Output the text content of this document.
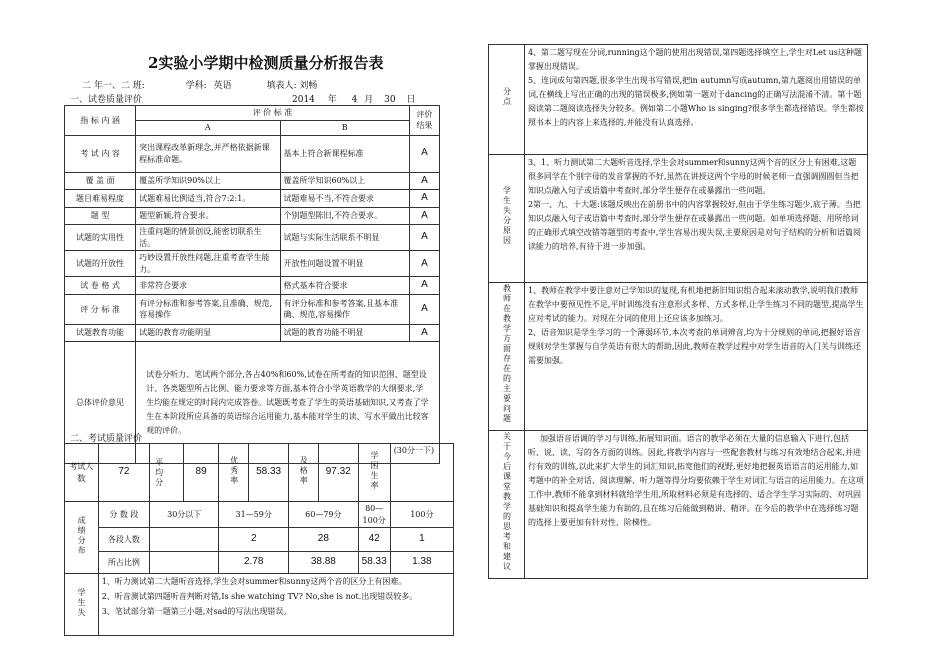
2实验小学期中检测质量分析报告表
二 年一、二 班:	学科: 英语	填表人: 刘畅
一、试卷质量评价	2014 年 4 月 30 日
指 标 内 涵	评 价 标 准		评价结果
	A	B	
考 试 内 容	突出课程改革新理念,并严格依据新课程标准命题。	基本上符合新课程标准	A
覆 盖 面	覆盖所学知识90%以上	覆盖所学知识60%以上	A
题目难易程度	试题难易比例适当,符合7:2:1。	试题难易不当,不符合要求	A
题 型	题型新颖,符合要求。	个别题型陈旧,不符合要求。	A
试题的实用性	注重问题的情景创设,能密切联系生活。	试题与实际生活联系不明显	A
试题的开放性	巧妙设置开放性问题,注重考查学生能力。	开放性问题设置不明显	A
试 卷 格 式	非常符合要求	格式基本符合要求	A
评 分 标 准	有评分标准和参考答案,且准确、规范,容易操作	有评分标准和参考答案,且基本准确、规范,容易操作	A
试题教育功能	试题的教育功能明显	试题的教育功能不明显	A
总体评价意见	试卷分听力、笔试两个部分,各占40%和60%,试卷在所考查的知识范围、题型设计、各类题型所占比例、能力要求等方面,基本符合小学英语教学的大纲要求,学生均能在规定的时间内完成答卷。试题既考查了学生的英语基础知识,又考查了学生在本阶段所应具备的英语综合运用能力,基本能对学生的读、写水平做出比较客观的评价。		
二、考试质量评价
考试人数	72	平均分	89	优秀率	58.33	及格率	97.32	学困生率	(30分一下)
成绩分布	分 数 段	30分以下		31—59分		60—79分		80—100分	100分
	各段人数			2		28		42	1
	所占比例			2.78		38.88		58.33	1.38
学生失	1、听力测试第二大题听音选择,学生会对summer和sunny这两个音的区分上有困难。
2、听音测试第四题听音判断对错,Is she watching TV? No,she is not.出现错误较多。
3、笔试部分第一题第三小题,对sad的写法出现错误。								
分点	4、第二题写现在分词,running这个题的使用出现错误,第四题选择填空上,学生对Let us这种题掌握出现错误。
5、连词成句第四题,很多学生出现书写错误,把in autumn写成autumn,第九题阅出用错误的单词,在横线上写出正确的出现的错误极多,例如第一题对于dancing的正确写法混淆不清。第十题阅读第二题阅读选择失分较多。例如第二小题Who is singing?很多学生都选择错误。学生都按照书本上的内容上来选择的,并能没有认真选择。

学生失分原因	3、1、听力测试第二大题听音选择,学生会对summer和sunny这两个音的区分上有困难,这题很多同学在个别字母的发音掌握的不好,虽然在讲授这两个字母的时候老师一直强调圆圆但当把知识点融入句子或语篇中考查时,部分学生便存在或暴露出一些问题。
2第一、九、十大题:该题反映出在前册书中的内容掌握较好,但由于学生练习题少,底子薄。当把知识点融入句子或语篇中考查时,部分学生便存在或暴露出一些问题。如单项选择题、用所给词的正确形式填空改错等题型的考查中,学生容易出现失误,主要原因是对句子结构的分析和语篇阅读能力的培养,有待于进一步加强。

教师在教学方面存在的主要问题	1、教师在教学中要注意对已学知识的复现,有机地把新旧知识组合起来滚动教学,说明我们教师在教学中要预见性不足,平时训练没有注意形式多样、方式多样,让学生练习不同的题型,提高学生应对考试的能力。对现在分词的使用上还应该多加练习。
2、语音知识是学生学习的一个薄弱环节,本次考查的单词辨音,均为十分规则的单词,把握好语音规则对学生掌握与自学英语有很大的帮助,因此,教师在教学过程中对学生语音的入门关与训练还需要加强。

关于今后课堂教学的思考和建议	加强语音语调的学习与训练,拓展知识面。语言的教学必须在大量的信息输入下进行,包括听、说、读、写的各方面的训练。因此,将教学内容与一些配套教材与练习有效地结合起来,并进行有效的训练,以此来扩大学生的词汇知识,拓宽他们的视野,更好地把握英语语言的运用能力,如考题中的补全对话、阅读理解、听力题等得分均要依赖于学生对词汇与语言的运用能力。在这项工作中,教师不能拿到材料就给学生用,所取材料必须是有选择的、适合学生学习实际的、对巩固基础知识和提高学生能力有助的,且在练习后能做到精讲、精评。在今后的教学中在选择练习题的选择上要更加有针对性、阶梯性。
